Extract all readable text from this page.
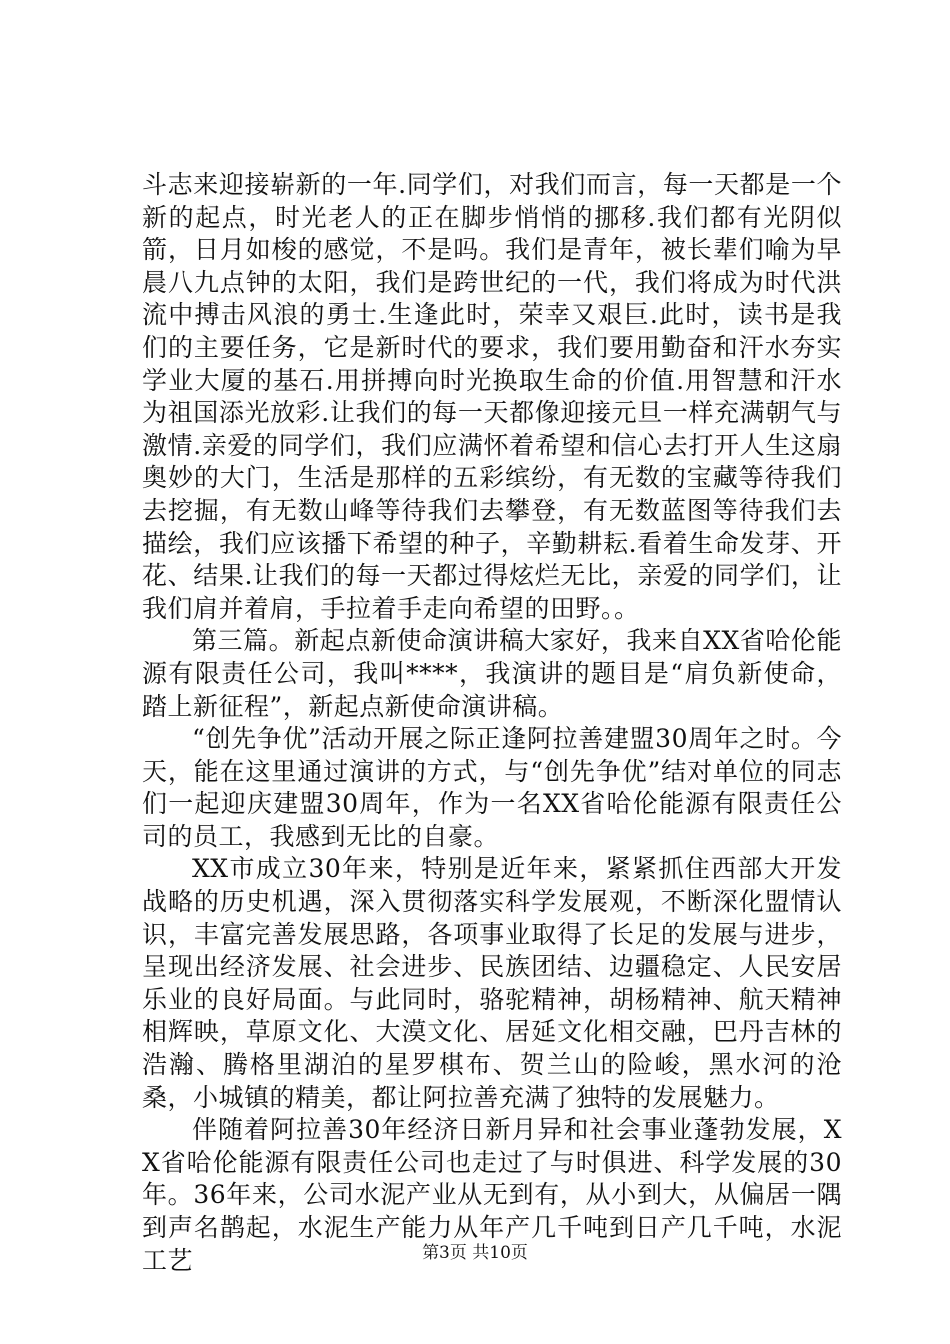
斗志来迎接崭新的一年.同学们，对我们而言，每一天都是一个新的起点，时光老人的正在脚步悄悄的挪移.我们都有光阴似箭，日月如梭的感觉，不是吗。我们是青年，被长辈们喻为早晨八九点钟的太阳，我们是跨世纪的一代，我们将成为时代洪流中搏击风浪的勇士.生逢此时，荣幸又艰巨.此时，读书是我们的主要任务，它是新时代的要求，我们要用勤奋和汗水夯实学业大厦的基石.用拼搏向时光换取生命的价值.用智慧和汗水为祖国添光放彩.让我们的每一天都像迎接元旦一样充满朝气与激情.亲爱的同学们，我们应满怀着希望和信心去打开人生这扇奥妙的大门，生活是那样的五彩缤纷，有无数的宝藏等待我们去挖掘，有无数山峰等待我们去攀登，有无数蓝图等待我们去描绘，我们应该播下希望的种子，辛勤耕耘.看着生命发芽、开花、结果.让我们的每一天都过得炫烂无比，亲爱的同学们，让我们肩并着肩，手拉着手走向希望的田野。。

第三篇。新起点新使命演讲稿大家好，我来自XX省哈伦能源有限责任公司，我叫****，我演讲的题目是“肩负新使命，踏上新征程”，新起点新使命演讲稿。

“创先争优”活动开展之际正逢阿拉善建盟30周年之时。今天，能在这里通过演讲的方式，与“创先争优”结对单位的同志们一起迎庆建盟30周年，作为一名XX省哈伦能源有限责任公司的员工，我感到无比的自豪。

XX市成立30年来，特别是近年来，紧紧抓住西部大开发战略的历史机遇，深入贯彻落实科学发展观，不断深化盟情认识，丰富完善发展思路，各项事业取得了长足的发展与进步，呈现出经济发展、社会进步、民族团结、边疆稳定、人民安居乐业的良好局面。与此同时，骆驼精神，胡杨精神、航天精神相辉映，草原文化、大漠文化、居延文化相交融，巴丹吉林的浩瀚、腾格里湖泊的星罗棋布、贺兰山的险峻，黑水河的沧桑，小城镇的精美，都让阿拉善充满了独特的发展魅力。

伴随着阿拉善30年经济日新月异和社会事业蓬勃发展，XX省哈伦能源有限责任公司也走过了与时俱进、科学发展的30年。36年来，公司水泥产业从无到有，从小到大，从偏居一隅到声名鹊起，水泥生产能力从年产几千吨到日产几千吨，水泥工艺	第3页 共10页
